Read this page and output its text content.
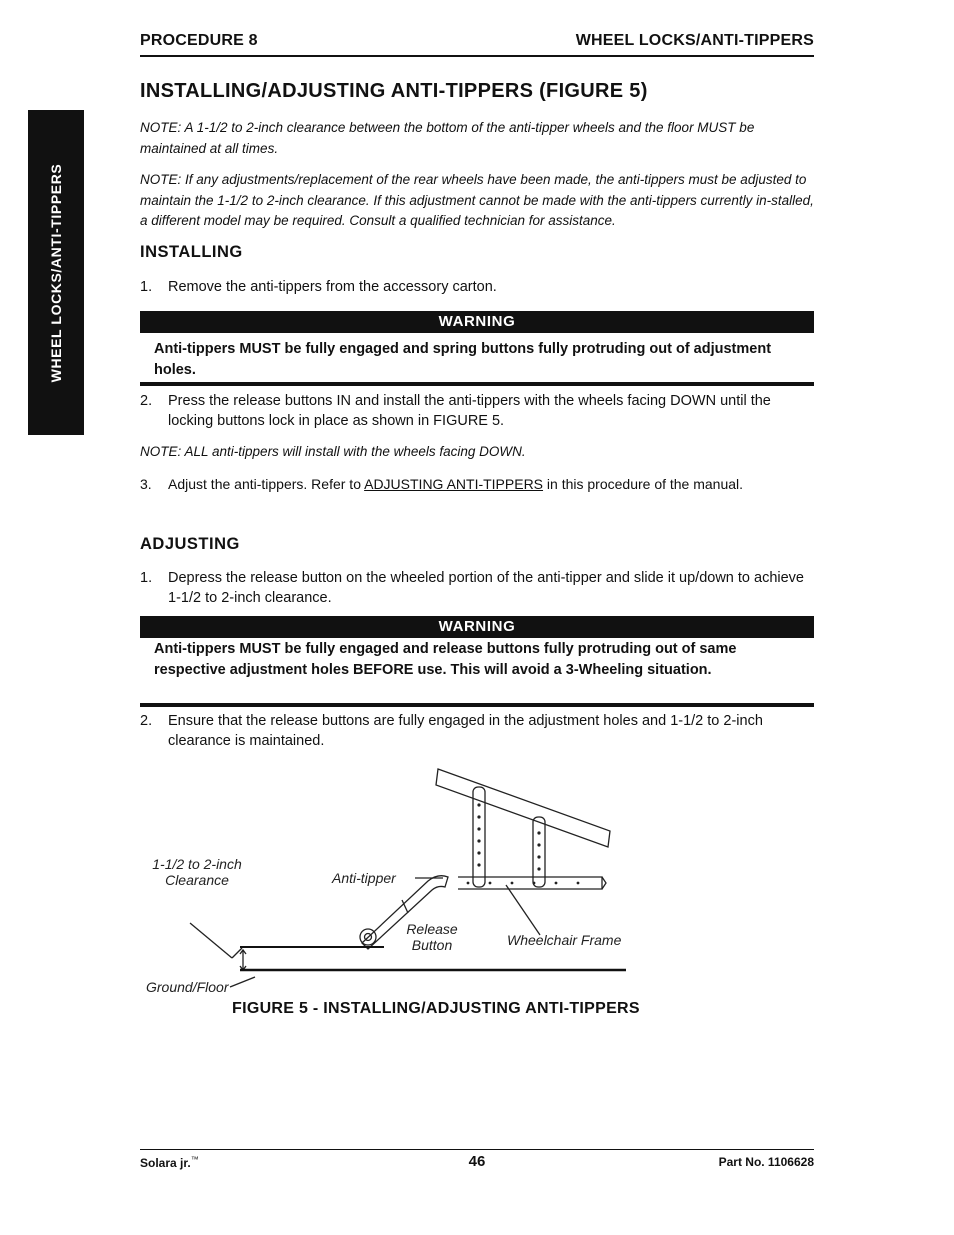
PROCEDURE 8	WHEEL LOCKS/ANTI-TIPPERS
WHEEL LOCKS/ANTI-TIPPERS
INSTALLING/ADJUSTING ANTI-TIPPERS (FIGURE 5)
NOTE: A 1-1/2 to 2-inch clearance between the bottom of the anti-tipper wheels and the floor MUST be maintained at all times.
NOTE: If any adjustments/replacement of the rear wheels have been made, the anti-tippers must be adjusted to maintain the 1-1/2 to 2-inch clearance. If this adjustment cannot be made with the anti-tippers currently in-stalled, a different model may be required. Consult a qualified technician for assistance.
INSTALLING
1. Remove the anti-tippers from the accessory carton.
WARNING
Anti-tippers MUST be fully engaged and spring buttons fully protruding out of adjustment holes.
2. Press the release buttons IN and install the anti-tippers with the wheels facing DOWN until the locking buttons lock in place as shown in FIGURE 5.
NOTE: ALL anti-tippers will install with the wheels facing DOWN.
3. Adjust the anti-tippers. Refer to ADJUSTING ANTI-TIPPERS in this procedure of the manual.
ADJUSTING
1. Depress the release button on the wheeled portion of the anti-tipper and slide it up/down to achieve 1-1/2 to 2-inch clearance.
WARNING
Anti-tippers MUST be fully engaged and release buttons fully protruding out of same respective adjustment holes BEFORE use. This will avoid a 3-Wheeling situation.
2. Ensure that the release buttons are fully engaged in the adjustment holes and 1-1/2 to 2-inch clearance is maintained.
1-1/2 to 2-inch
Clearance	Anti-tipper
Release
Button	Wheelchair Frame
Ground/Floor
FIGURE 5 - INSTALLING/ADJUSTING ANTI-TIPPERS
Solara jr.™	46	Part No. 1106628
